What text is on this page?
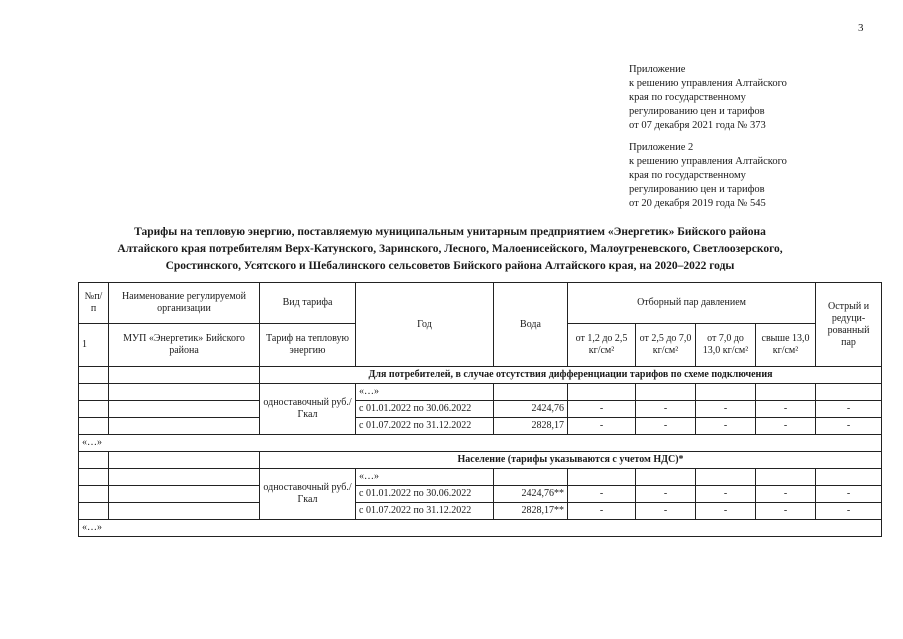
3
Приложение
к решению управления Алтайского
края по государственному
регулированию цен и тарифов
от 07 декабря 2021 года № 373
Приложение 2
к решению управления Алтайского
края по государственному
регулированию цен и тарифов
от 20 декабря 2019 года № 545
Тарифы на тепловую энергию, поставляемую муниципальным унитарным предприятием «Энергетик» Бийского района
Алтайского края потребителям Верх-Катунского, Заринского, Лесного, Малоенисейского, Малоугреневского, Светлоозерского,
Сростинского, Усятского и Шебалинского сельсоветов Бийского района Алтайского края, на 2020–2022 годы
№п/п	Наименование регулируемой организации	Вид тарифа	Год	Вода	Отборный пар давлением				Острый и редуци-рованный пар
1	МУП «Энергетик» Бийского района	Тариф на тепловую энергию			от 1,2 до 2,5 кг/см²	от 2,5 до 7,0 кг/см²	от 7,0 до 13,0 кг/см²	свыше 13,0 кг/см²	
		Для потребителей, в случае отсутствия дифференциации тарифов по схеме подключения							
		одноставочный руб./Гкал	«…»						
			с 01.01.2022 по 30.06.2022	2424,76	-	-	-	-	-
			с 01.07.2022 по 31.12.2022	2828,17	-	-	-	-	-
«…»									
		Население (тарифы указываются с учетом НДС)*							
		одноставочный руб./Гкал	«…»						
			с 01.01.2022 по 30.06.2022	2424,76**	-	-	-	-	-
			с 01.07.2022 по 31.12.2022	2828,17**	-	-	-	-	-
«…»									
